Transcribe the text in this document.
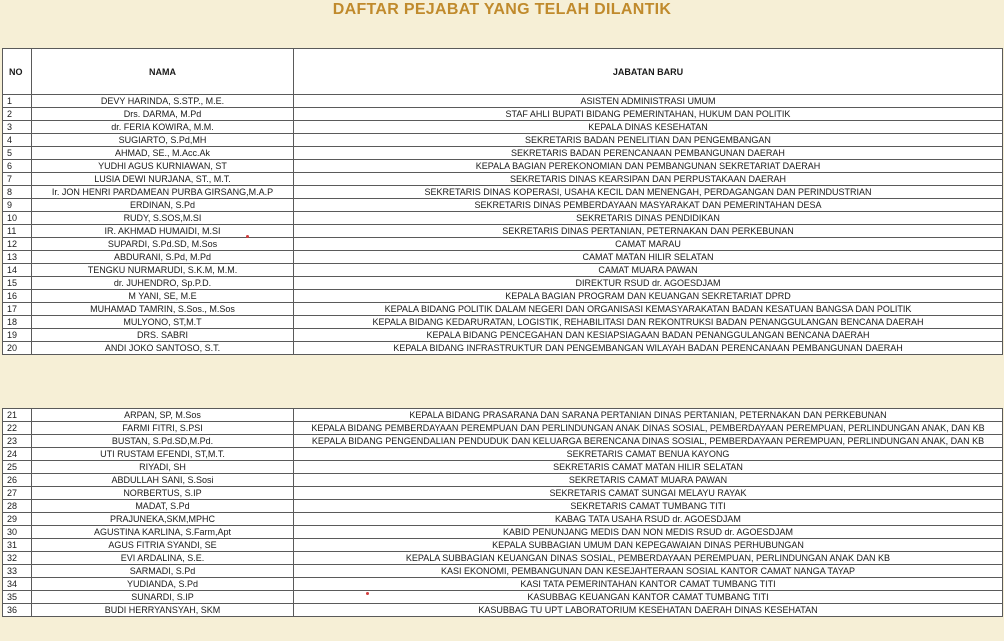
DAFTAR PEJABAT YANG TELAH DILANTIK
NO	NAMA	JABATAN BARU
1	DEVY HARINDA, S.STP., M.E.	ASISTEN ADMINISTRASI UMUM
2	Drs. DARMA, M.Pd	STAF AHLI BUPATI BIDANG PEMERINTAHAN, HUKUM DAN POLITIK
3	dr. FERIA KOWIRA, M.M.	KEPALA DINAS KESEHATAN
4	SUGIARTO, S.Pd,MH	SEKRETARIS BADAN PENELITIAN DAN PENGEMBANGAN
5	AHMAD, SE., M.Acc.Ak	SEKRETARIS BADAN PERENCANAAN PEMBANGUNAN DAERAH
6	YUDHI AGUS KURNIAWAN, ST	KEPALA BAGIAN PEREKONOMIAN DAN PEMBANGUNAN SEKRETARIAT DAERAH
7	LUSIA DEWI NURJANA, ST., M.T.	SEKRETARIS DINAS KEARSIPAN DAN PERPUSTAKAAN DAERAH
8	Ir. JON HENRI PARDAMEAN PURBA GIRSANG,M.A.P	SEKRETARIS DINAS KOPERASI, USAHA KECIL DAN MENENGAH, PERDAGANGAN DAN PERINDUSTRIAN
9	ERDINAN, S.Pd	SEKRETARIS DINAS PEMBERDAYAAN MASYARAKAT DAN PEMERINTAHAN DESA
10	RUDY, S.SOS,M.SI	SEKRETARIS DINAS PENDIDIKAN
11	IR. AKHMAD HUMAIDI, M.SI	SEKRETARIS DINAS PERTANIAN, PETERNAKAN DAN PERKEBUNAN
12	SUPARDI, S.Pd.SD, M.Sos	CAMAT MARAU
13	ABDURANI, S.Pd, M.Pd	CAMAT MATAN HILIR SELATAN
14	TENGKU NURMARUDI, S.K.M, M.M.	CAMAT MUARA PAWAN
15	dr. JUHENDRO, Sp.P.D.	DIREKTUR RSUD dr. AGOESDJAM
16	M YANI, SE, M.E	KEPALA BAGIAN PROGRAM DAN KEUANGAN SEKRETARIAT DPRD
17	MUHAMAD TAMRIN, S.Sos., M.Sos	KEPALA BIDANG POLITIK DALAM NEGERI DAN ORGANISASI KEMASYARAKATAN BADAN KESATUAN BANGSA DAN POLITIK
18	MULYONO, ST,M.T	KEPALA BIDANG KEDARURATAN, LOGISTIK, REHABILITASI DAN REKONTRUKSI BADAN PENANGGULANGAN BENCANA DAERAH
19	DRS. SABRI	KEPALA BIDANG PENCEGAHAN DAN KESIAPSIAGAAN BADAN PENANGGULANGAN BENCANA DAERAH
20	ANDI JOKO SANTOSO, S.T.	KEPALA BIDANG INFRASTRUKTUR DAN PENGEMBANGAN WILAYAH BADAN PERENCANAAN PEMBANGUNAN DAERAH
21	ARPAN, SP, M.Sos	KEPALA BIDANG PRASARANA DAN SARANA PERTANIAN DINAS PERTANIAN, PETERNAKAN DAN PERKEBUNAN
22	FARMI FITRI, S.PSI	KEPALA BIDANG PEMBERDAYAAN PEREMPUAN DAN PERLINDUNGAN ANAK DINAS SOSIAL, PEMBERDAYAAN PEREMPUAN, PERLINDUNGAN ANAK, DAN KB
23	BUSTAN, S.Pd.SD,M.Pd.	KEPALA BIDANG PENGENDALIAN PENDUDUK DAN KELUARGA BERENCANA DINAS SOSIAL, PEMBERDAYAAN PEREMPUAN, PERLINDUNGAN ANAK, DAN KB
24	UTI RUSTAM EFENDI, ST,M.T.	SEKRETARIS CAMAT BENUA KAYONG
25	RIYADI, SH	SEKRETARIS CAMAT MATAN HILIR SELATAN
26	ABDULLAH SANI, S.Sosi	SEKRETARIS CAMAT MUARA PAWAN
27	NORBERTUS, S.IP	SEKRETARIS CAMAT SUNGAI MELAYU RAYAK
28	MADAT, S.Pd	SEKRETARIS CAMAT TUMBANG TITI
29	PRAJUNEKA,SKM,MPHC	KABAG TATA USAHA RSUD dr. AGOESDJAM
30	AGUSTINA KARLINA, S.Farm,Apt	KABID PENUNJANG MEDIS DAN NON MEDIS RSUD dr. AGOESDJAM
31	AGUS FITRIA SYANDI, SE	KEPALA SUBBAGIAN UMUM DAN KEPEGAWAIAN DINAS PERHUBUNGAN
32	EVI ARDALINA, S.E.	KEPALA SUBBAGIAN KEUANGAN DINAS SOSIAL, PEMBERDAYAAN PEREMPUAN, PERLINDUNGAN ANAK DAN KB
33	SARMADI, S.Pd	KASI EKONOMI, PEMBANGUNAN DAN KESEJAHTERAAN SOSIAL KANTOR CAMAT NANGA TAYAP
34	YUDIANDA, S.Pd	KASI TATA PEMERINTAHAN KANTOR CAMAT TUMBANG TITI
35	SUNARDI, S.IP	KASUBBAG KEUANGAN KANTOR CAMAT TUMBANG TITI
36	BUDI HERRYANSYAH, SKM	KASUBBAG TU UPT LABORATORIUM KESEHATAN DAERAH DINAS KESEHATAN
